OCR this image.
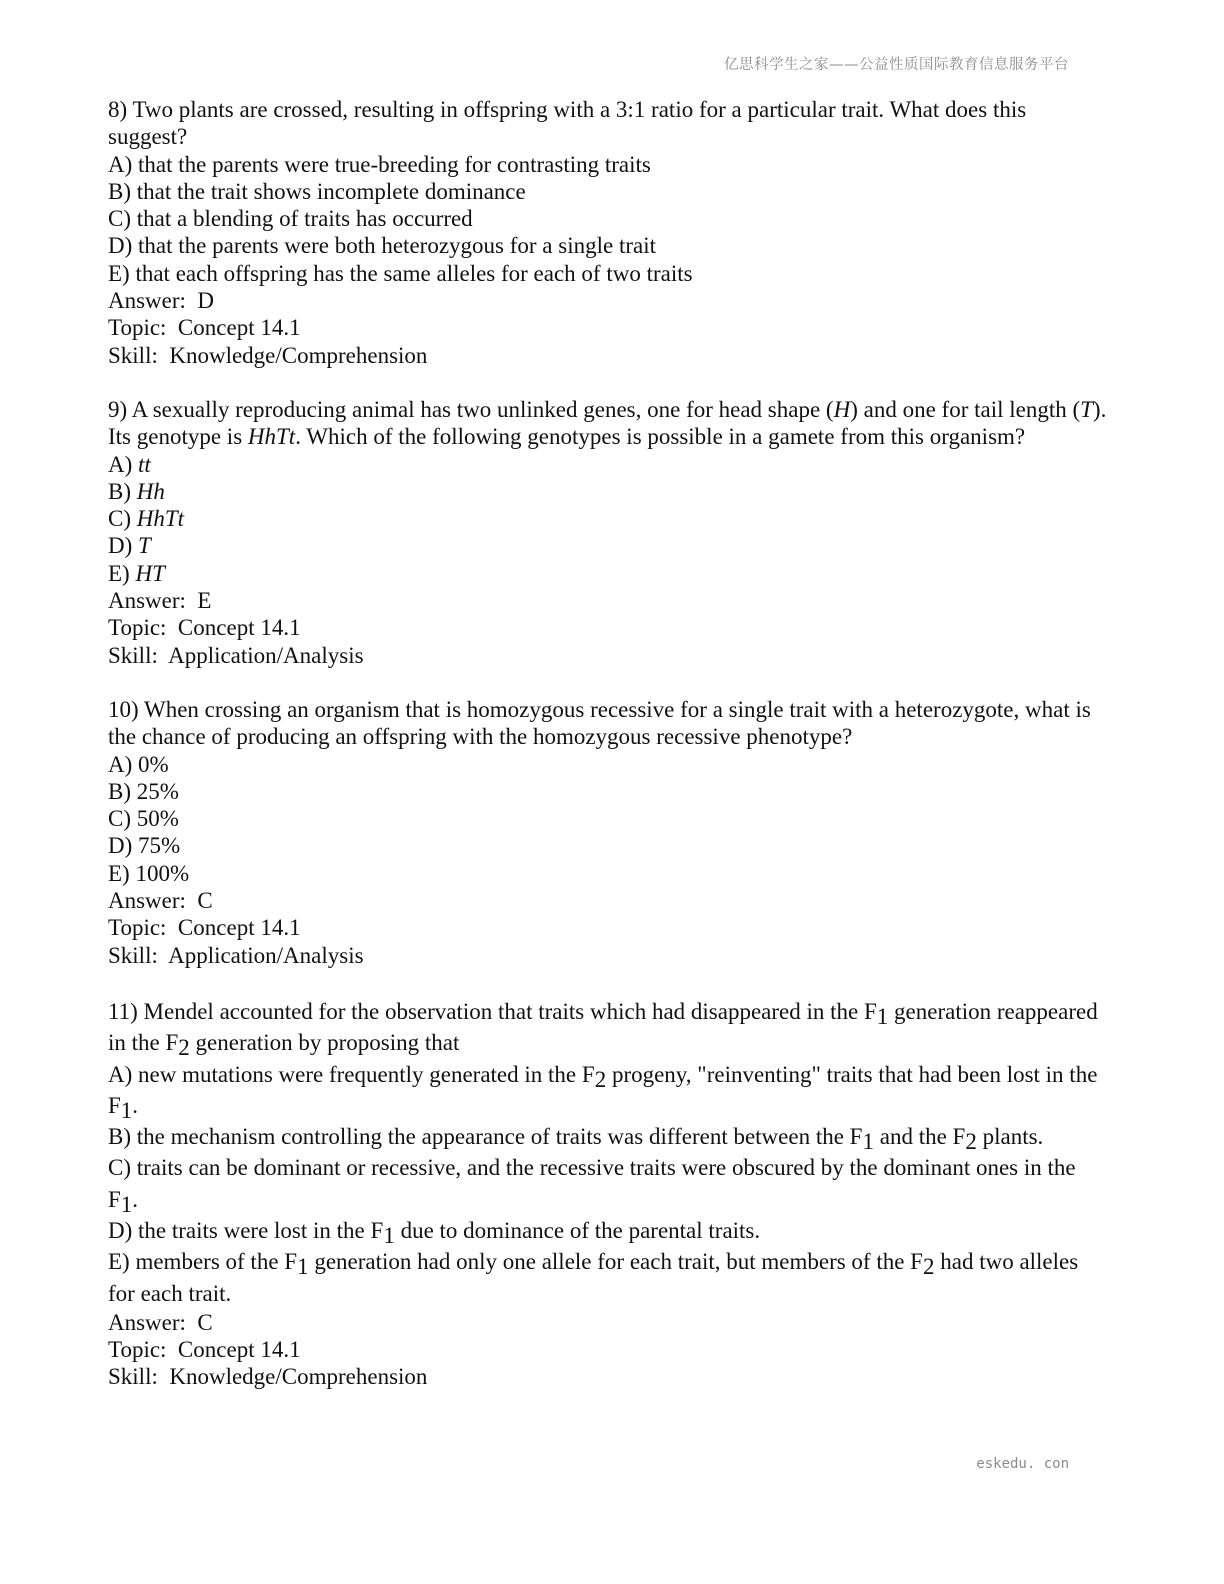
亿思科学生之家——公益性质国际教育信息服务平台
8) Two plants are crossed, resulting in offspring with a 3:1 ratio for a particular trait. What does this suggest?
A) that the parents were true-breeding for contrasting traits
B) that the trait shows incomplete dominance
C) that a blending of traits has occurred
D) that the parents were both heterozygous for a single trait
E) that each offspring has the same alleles for each of two traits
Answer:  D
Topic:  Concept 14.1
Skill:  Knowledge/Comprehension
9) A sexually reproducing animal has two unlinked genes, one for head shape (H) and one for tail length (T). Its genotype is HhTt. Which of the following genotypes is possible in a gamete from this organism?
A) tt
B) Hh
C) HhTt
D) T
E) HT
Answer:  E
Topic:  Concept 14.1
Skill:  Application/Analysis
10) When crossing an organism that is homozygous recessive for a single trait with a heterozygote, what is the chance of producing an offspring with the homozygous recessive phenotype?
A) 0%
B) 25%
C) 50%
D) 75%
E) 100%
Answer:  C
Topic:  Concept 14.1
Skill:  Application/Analysis
11) Mendel accounted for the observation that traits which had disappeared in the $F_1$ generation reappeared in the $F_2$ generation by proposing that
A) new mutations were frequently generated in the $F_2$ progeny, "reinventing" traits that had been lost in the $F_1$.
B) the mechanism controlling the appearance of traits was different between the $F_1$ and the $F_2$ plants.
C) traits can be dominant or recessive, and the recessive traits were obscured by the dominant ones in the $F_1$.
D) the traits were lost in the $F_1$ due to dominance of the parental traits.
E) members of the $F_1$ generation had only one allele for each trait, but members of the $F_2$ had two alleles for each trait.
Answer:  C
Topic:  Concept 14.1
Skill:  Knowledge/Comprehension
eskedu. con
